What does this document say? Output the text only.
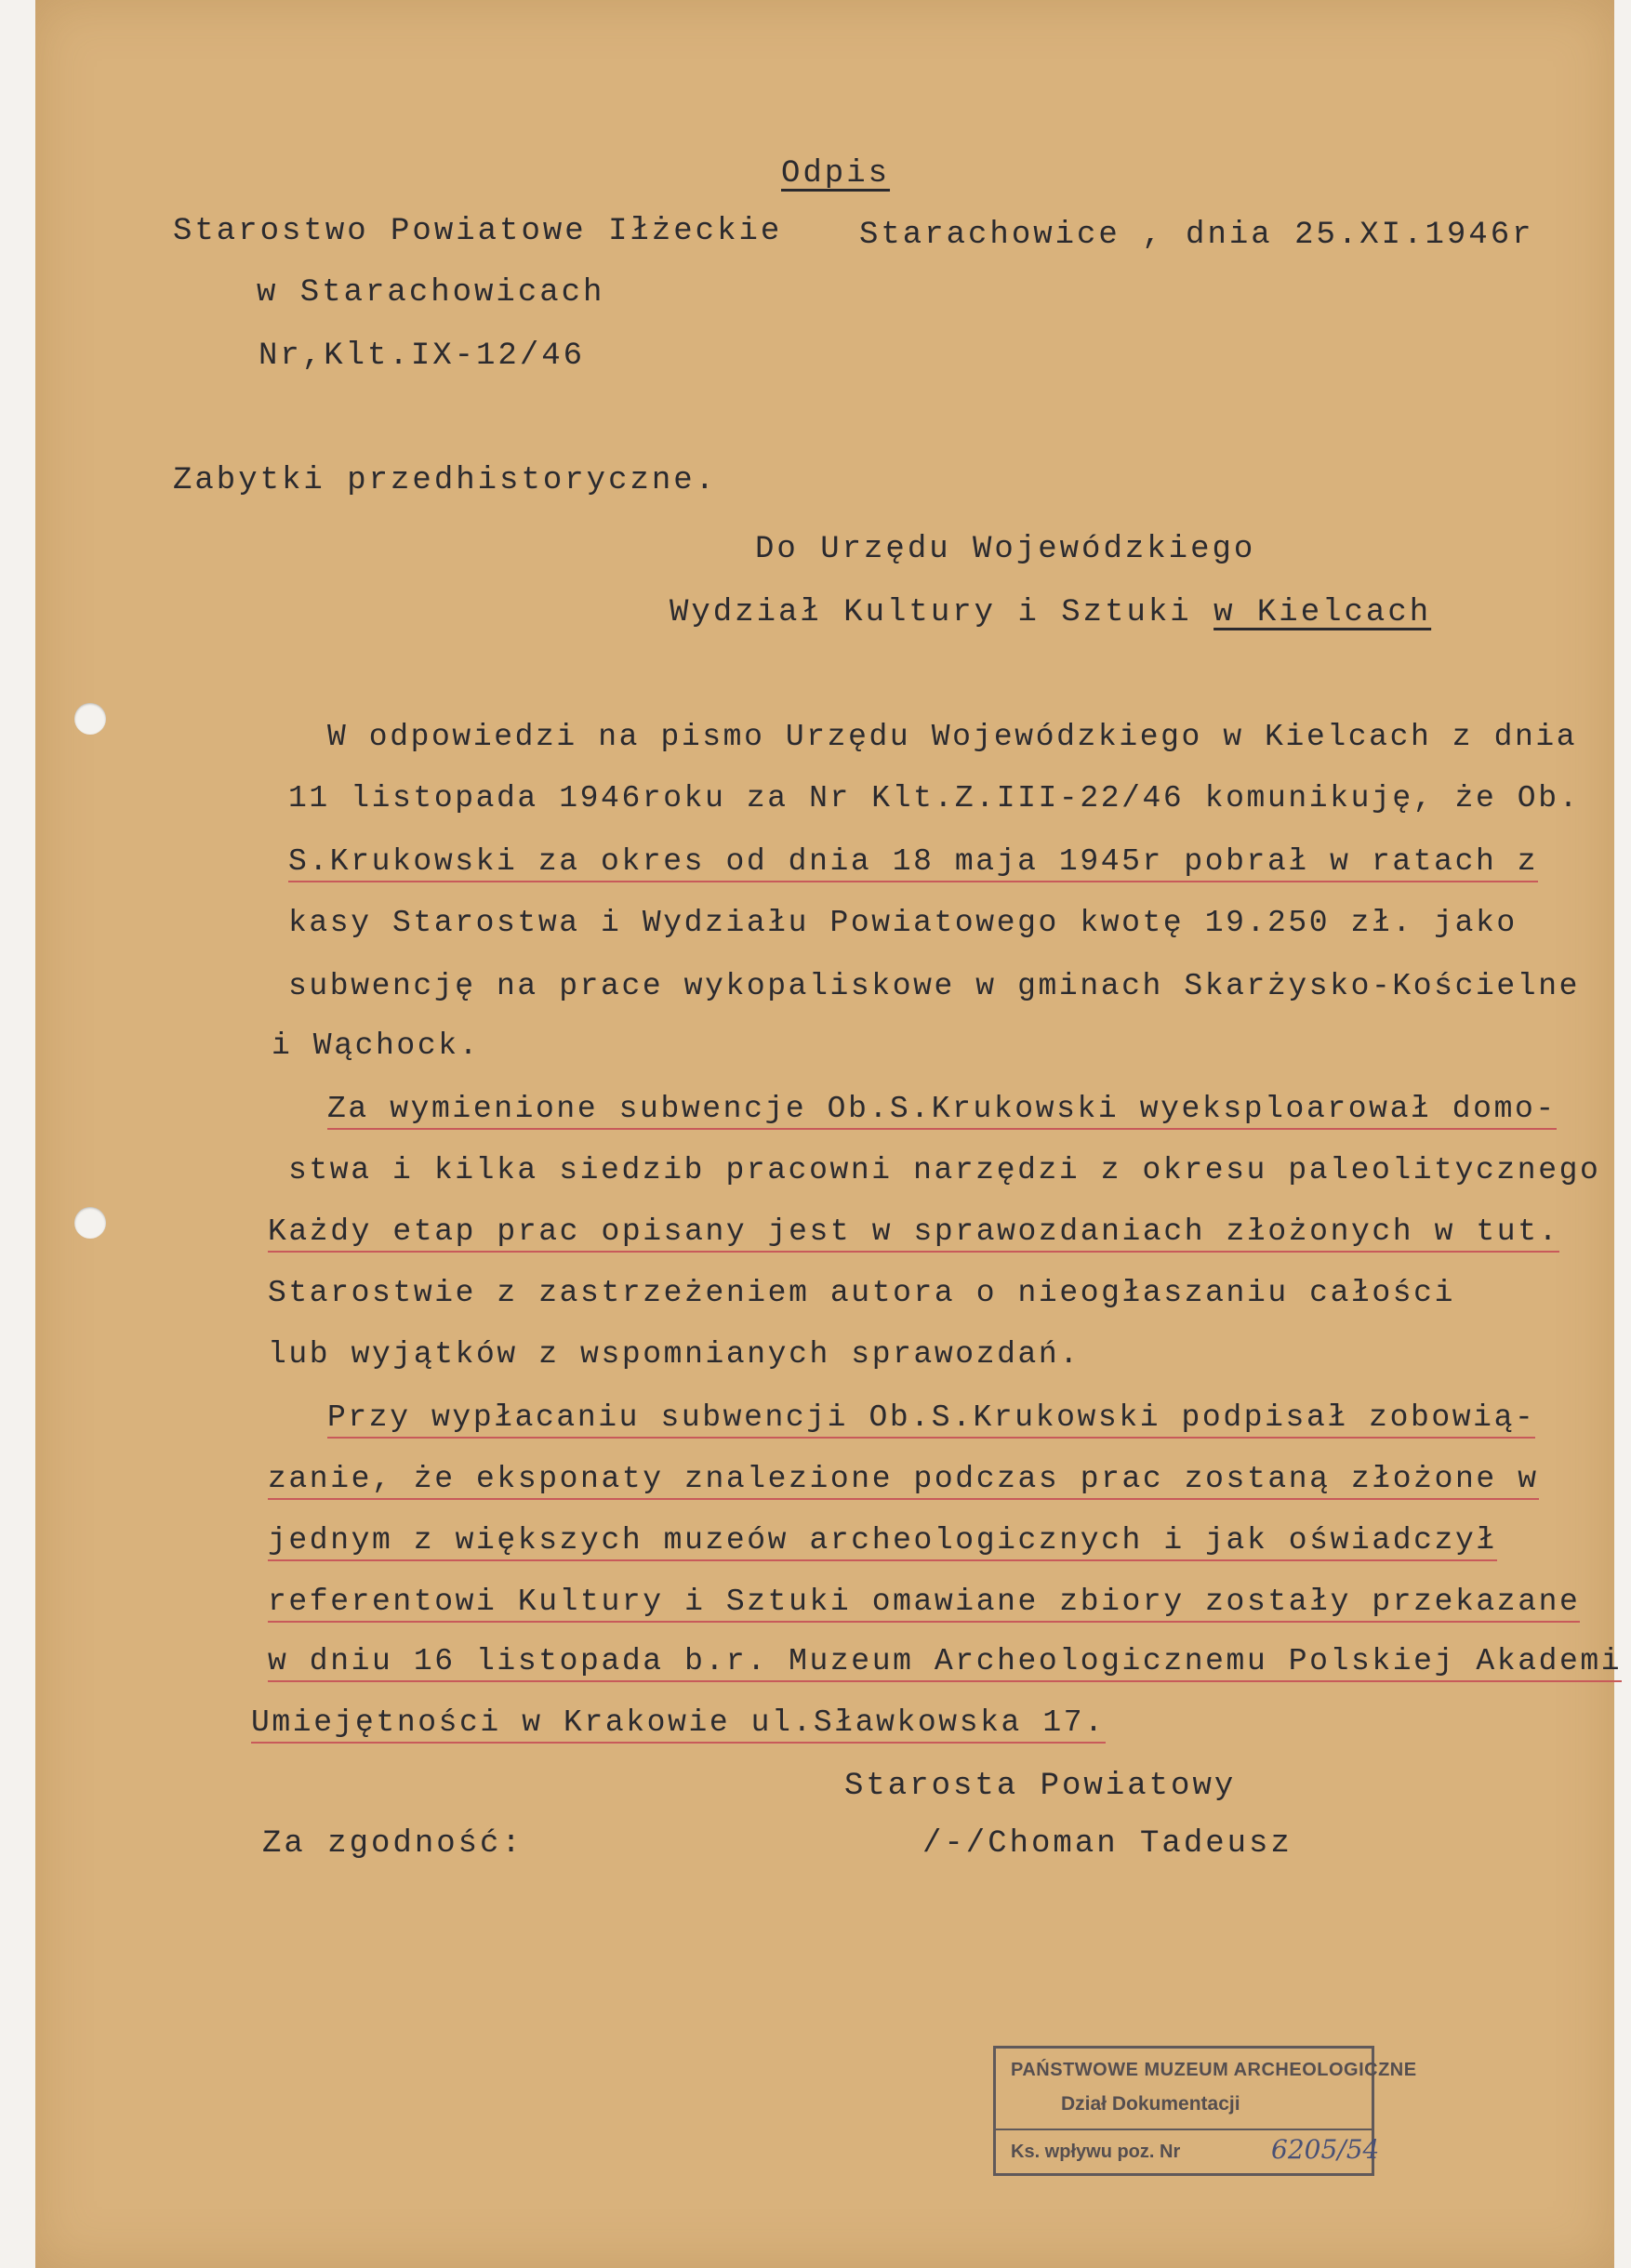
Odpis
Starostwo Powiatowe Iłżeckie
w Starachowicach
Nr,Klt.IX-12/46
Starachowice , dnia 25.XI.1946r
Zabytki przedhistoryczne.
Do Urzędu Wojewódzkiego
Wydział Kultury i Sztuki w Kielcach
W odpowiedzi na pismo Urzędu Wojewódzkiego w Kielcach z dnia
11 listopada 1946roku za Nr Klt.Z.III-22/46 komunikuję, że Ob.
S.Krukowski za okres od dnia 18 maja 1945r pobrał w ratach z
kasy Starostwa i Wydziału Powiatowego kwotę 19.250 zł. jako
subwencję na prace wykopaliskowe w gminach Skarżysko-Kościelne
i Wąchock.
Za wymienione subwencje Ob.S.Krukowski wyeksploarował domo-
stwa i kilka siedzib pracowni narzędzi z okresu paleolitycznego
Każdy etap prac opisany jest w sprawozdaniach złożonych w tut.
Starostwie z zastrzeżeniem autora o nieogłaszaniu całości
lub wyjątków z wspomnianych sprawozdań.
Przy wypłacaniu subwencji Ob.S.Krukowski podpisał zobowią-
zanie, że eksponaty znalezione podczas prac zostaną złożone w
jednym z większych muzeów archeologicznych i jak oświadczył
referentowi Kultury i Sztuki omawiane zbiory zostały przekazane
w dniu 16 listopada b.r. Muzeum Archeologicznemu Polskiej Akademi
Umiejętności w Krakowie ul.Sławkowska 17.
Starosta Powiatowy
Za zgodność:	/-/Choman Tadeusz
PAŃSTWOWE MUZEUM ARCHEOLOGICZNE
Dział Dokumentacji
Ks. wpływu poz. Nr	6205/54
